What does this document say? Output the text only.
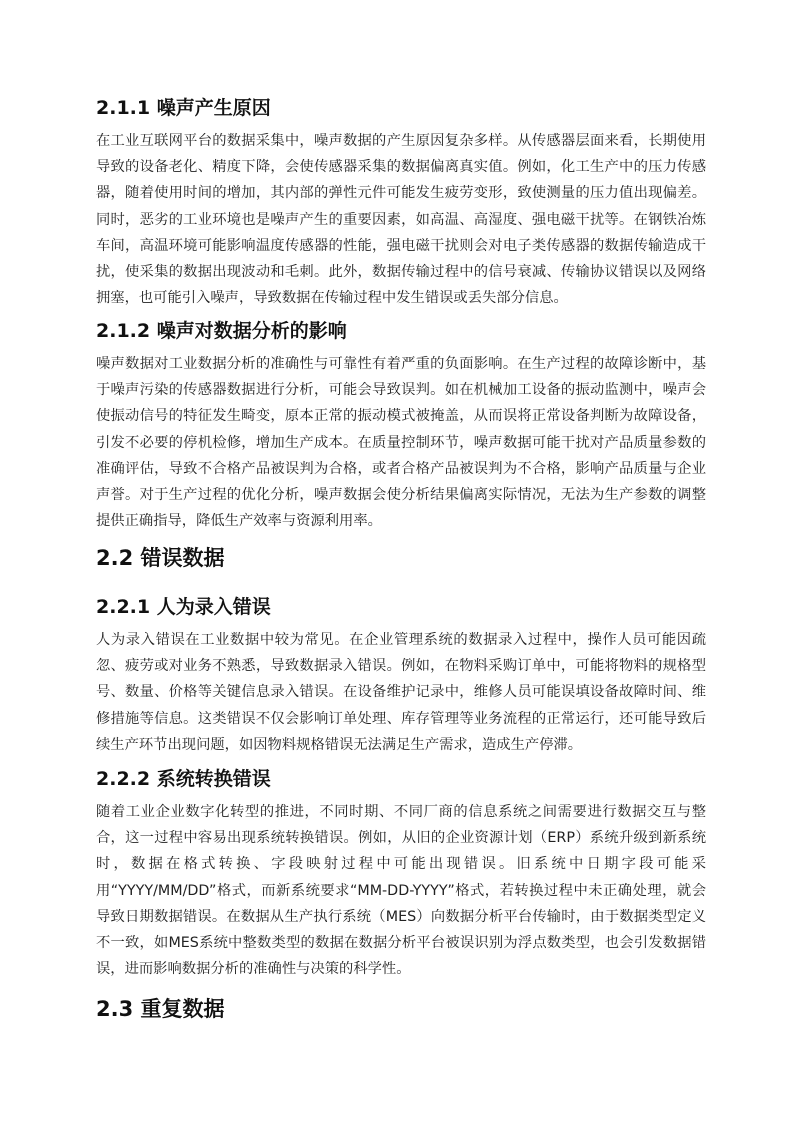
2.1.1 噪声产生原因

在工业互联网平台的数据采集中，噪声数据的产生原因复杂多样。从传感器层面来看，长期使用导致的设备老化、精度下降，会使传感器采集的数据偏离真实值。例如，化工生产中的压力传感器，随着使用时间的增加，其内部的弹性元件可能发生疲劳变形，致使测量的压力值出现偏差。同时，恶劣的工业环境也是噪声产生的重要因素，如高温、高湿度、强电磁干扰等。在钢铁冶炼车间，高温环境可能影响温度传感器的性能，强电磁干扰则会对电子类传感器的数据传输造成干扰，使采集的数据出现波动和毛刺。此外，数据传输过程中的信号衰减、传输协议错误以及网络拥塞，也可能引入噪声，导致数据在传输过程中发生错误或丢失部分信息。

2.1.2 噪声对数据分析的影响

噪声数据对工业数据分析的准确性与可靠性有着严重的负面影响。在生产过程的故障诊断中，基于噪声污染的传感器数据进行分析，可能会导致误判。如在机械加工设备的振动监测中，噪声会使振动信号的特征发生畸变，原本正常的振动模式被掩盖，从而误将正常设备判断为故障设备，引发不必要的停机检修，增加生产成本。在质量控制环节，噪声数据可能干扰对产品质量参数的准确评估，导致不合格产品被误判为合格，或者合格产品被误判为不合格，影响产品质量与企业声誉。对于生产过程的优化分析，噪声数据会使分析结果偏离实际情况，无法为生产参数的调整提供正确指导，降低生产效率与资源利用率。

2.2 错误数据
2.2.1 人为录入错误

人为录入错误在工业数据中较为常见。在企业管理系统的数据录入过程中，操作人员可能因疏忽、疲劳或对业务不熟悉，导致数据录入错误。例如，在物料采购订单中，可能将物料的规格型号、数量、价格等关键信息录入错误。在设备维护记录中，维修人员可能误填设备故障时间、维修措施等信息。这类错误不仅会影响订单处理、库存管理等业务流程的正常运行，还可能导致后续生产环节出现问题，如因物料规格错误无法满足生产需求，造成生产停滞。

2.2.2 系统转换错误

随着工业企业数字化转型的推进，不同时期、不同厂商的信息系统之间需要进行数据交互与整合，这一过程中容易出现系统转换错误。例如，从旧的企业资源计划（ERP）系统升级到新系统时，数据在格式转换、字段映射过程中可能出现错误。旧系统中日期字段可能采用“YYYY/MM/DD”格式，而新系统要求“MM-DD-YYYY”格式，若转换过程中未正确处理，就会导致日期数据错误。在数据从生产执行系统（MES）向数据分析平台传输时，由于数据类型定义不一致，如MES系统中整数类型的数据在数据分析平台被误识别为浮点数类型，也会引发数据错误，进而影响数据分析的准确性与决策的科学性。

2.3 重复数据
